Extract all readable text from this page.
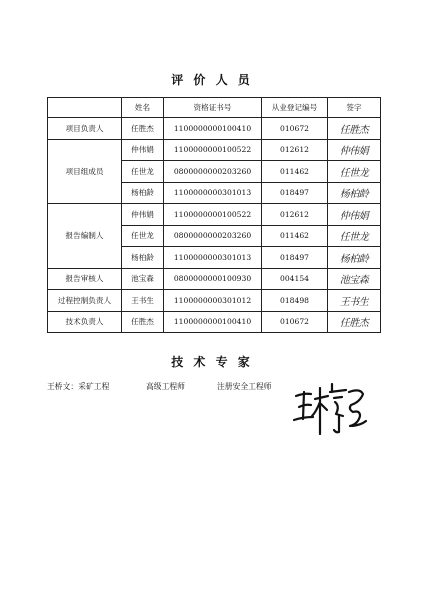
评 价 人 员
	姓名	资格证书号	从业登记编号	签字
项目负责人	任胜杰	1100000000100410	010672	任胜杰
项目组成员	仲伟娟	1100000000100522	012612	仲伟娟
	任世龙	0800000000203260	011462	任世龙
	杨柏龄	1100000000301013	018497	杨柏龄
报告编制人	仲伟娟	1100000000100522	012612	仲伟娟
	任世龙	0800000000203260	011462	任世龙
	杨柏龄	1100000000301013	018497	杨柏龄
报告审核人	池宝森	0800000000100930	004154	池宝森
过程控制负责人	王书生	1100000000301012	018498	王书生
技术负责人	任胜杰	1100000000100410	010672	任胜杰
技 术 专 家
王桥文：采矿工程	高级工程师	注册安全工程师
